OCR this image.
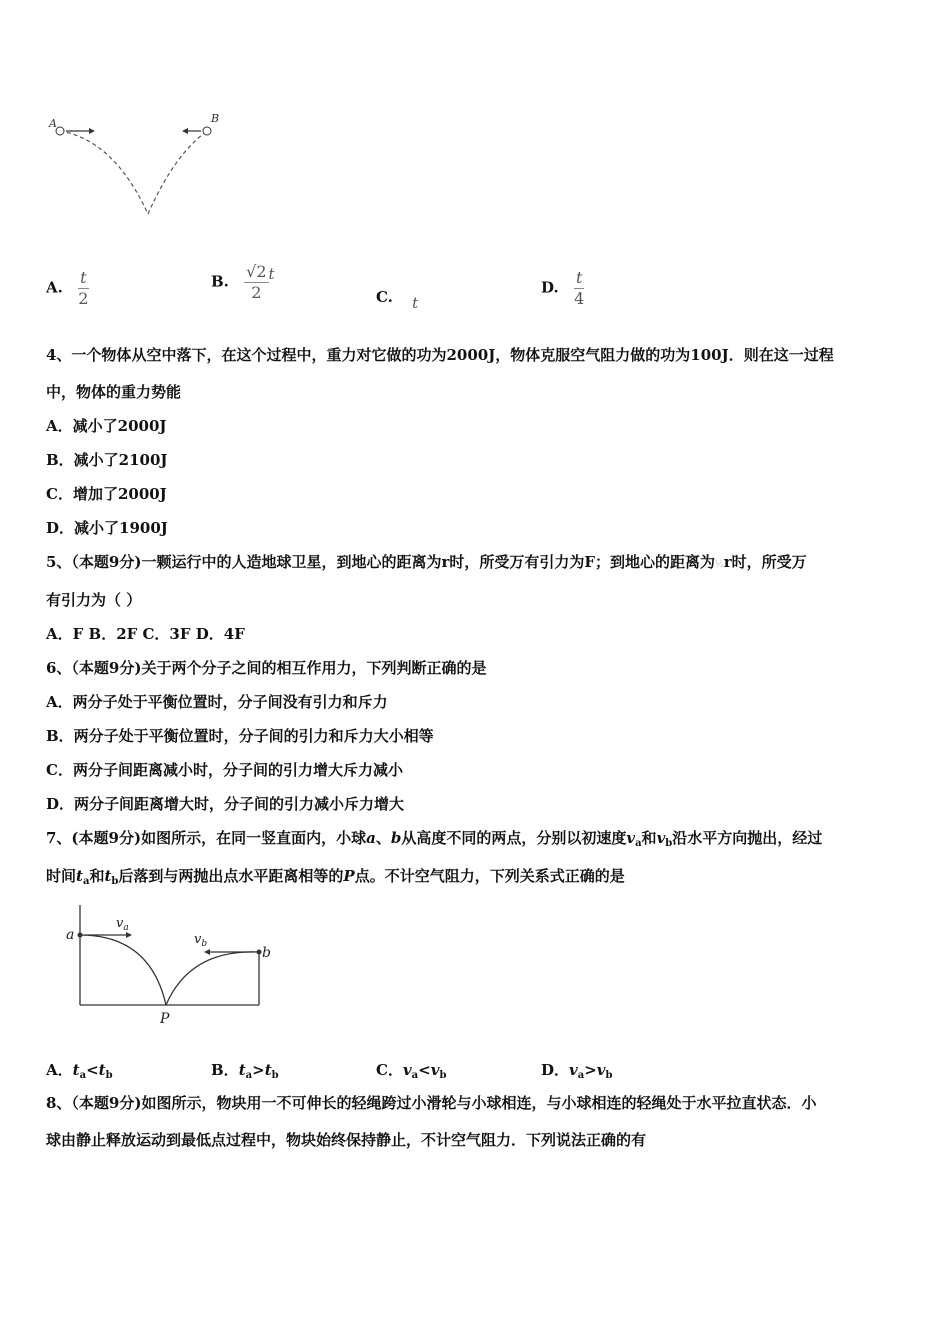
A	B
A. $\frac{t}{2}$	B. $\frac{√2}{2}$ t
C. t
D. $\frac{t}{4}$
4、一个物体从空中落下，在这个过程中，重力对它做的功为2000J，物体克服空气阻力做的功为100J．则在这一过程
中，物体的重力势能
A．减小了2000J
B．减小了2100J
C．增加了2000J
D．减小了1900J
5、（本题9分)一颗运行中的人造地球卫星，到地心的距离为r时，所受万有引力为F；到地心的距离为½r时，所受万
有引力为（ ）
A．F B．2F C．3F D．4F
6、（本题9分)关于两个分子之间的相互作用力，下列判断正确的是
A．两分子处于平衡位置时，分子间没有引力和斥力
B．两分子处于平衡位置时，分子间的引力和斥力大小相等
C．两分子间距离减小时，分子间的引力增大斥力减小
D．两分子间距离增大时，分子间的引力减小斥力增大
7、(本题9分)如图所示，在同一竖直面内，小球a、b从高度不同的两点，分别以初速度$v_a$和$v_b$沿水平方向抛出，经过
时间$t_a$和$t_b$后落到与两抛出点水平距离相等的P点。不计空气阻力，下列关系式正确的是
a
b
$v_a$
$v_b$
P
A．$t_a<t_b$	B．$t_a>t_b$	C．$v_a<v_b$	D．$v_a>v_b$
8、（本题9分)如图所示，物块用一不可伸长的轻绳跨过小滑轮与小球相连，与小球相连的轻绳处于水平拉直状态．小
球由静止释放运动到最低点过程中，物块始终保持静止，不计空气阻力．下列说法正确的有
